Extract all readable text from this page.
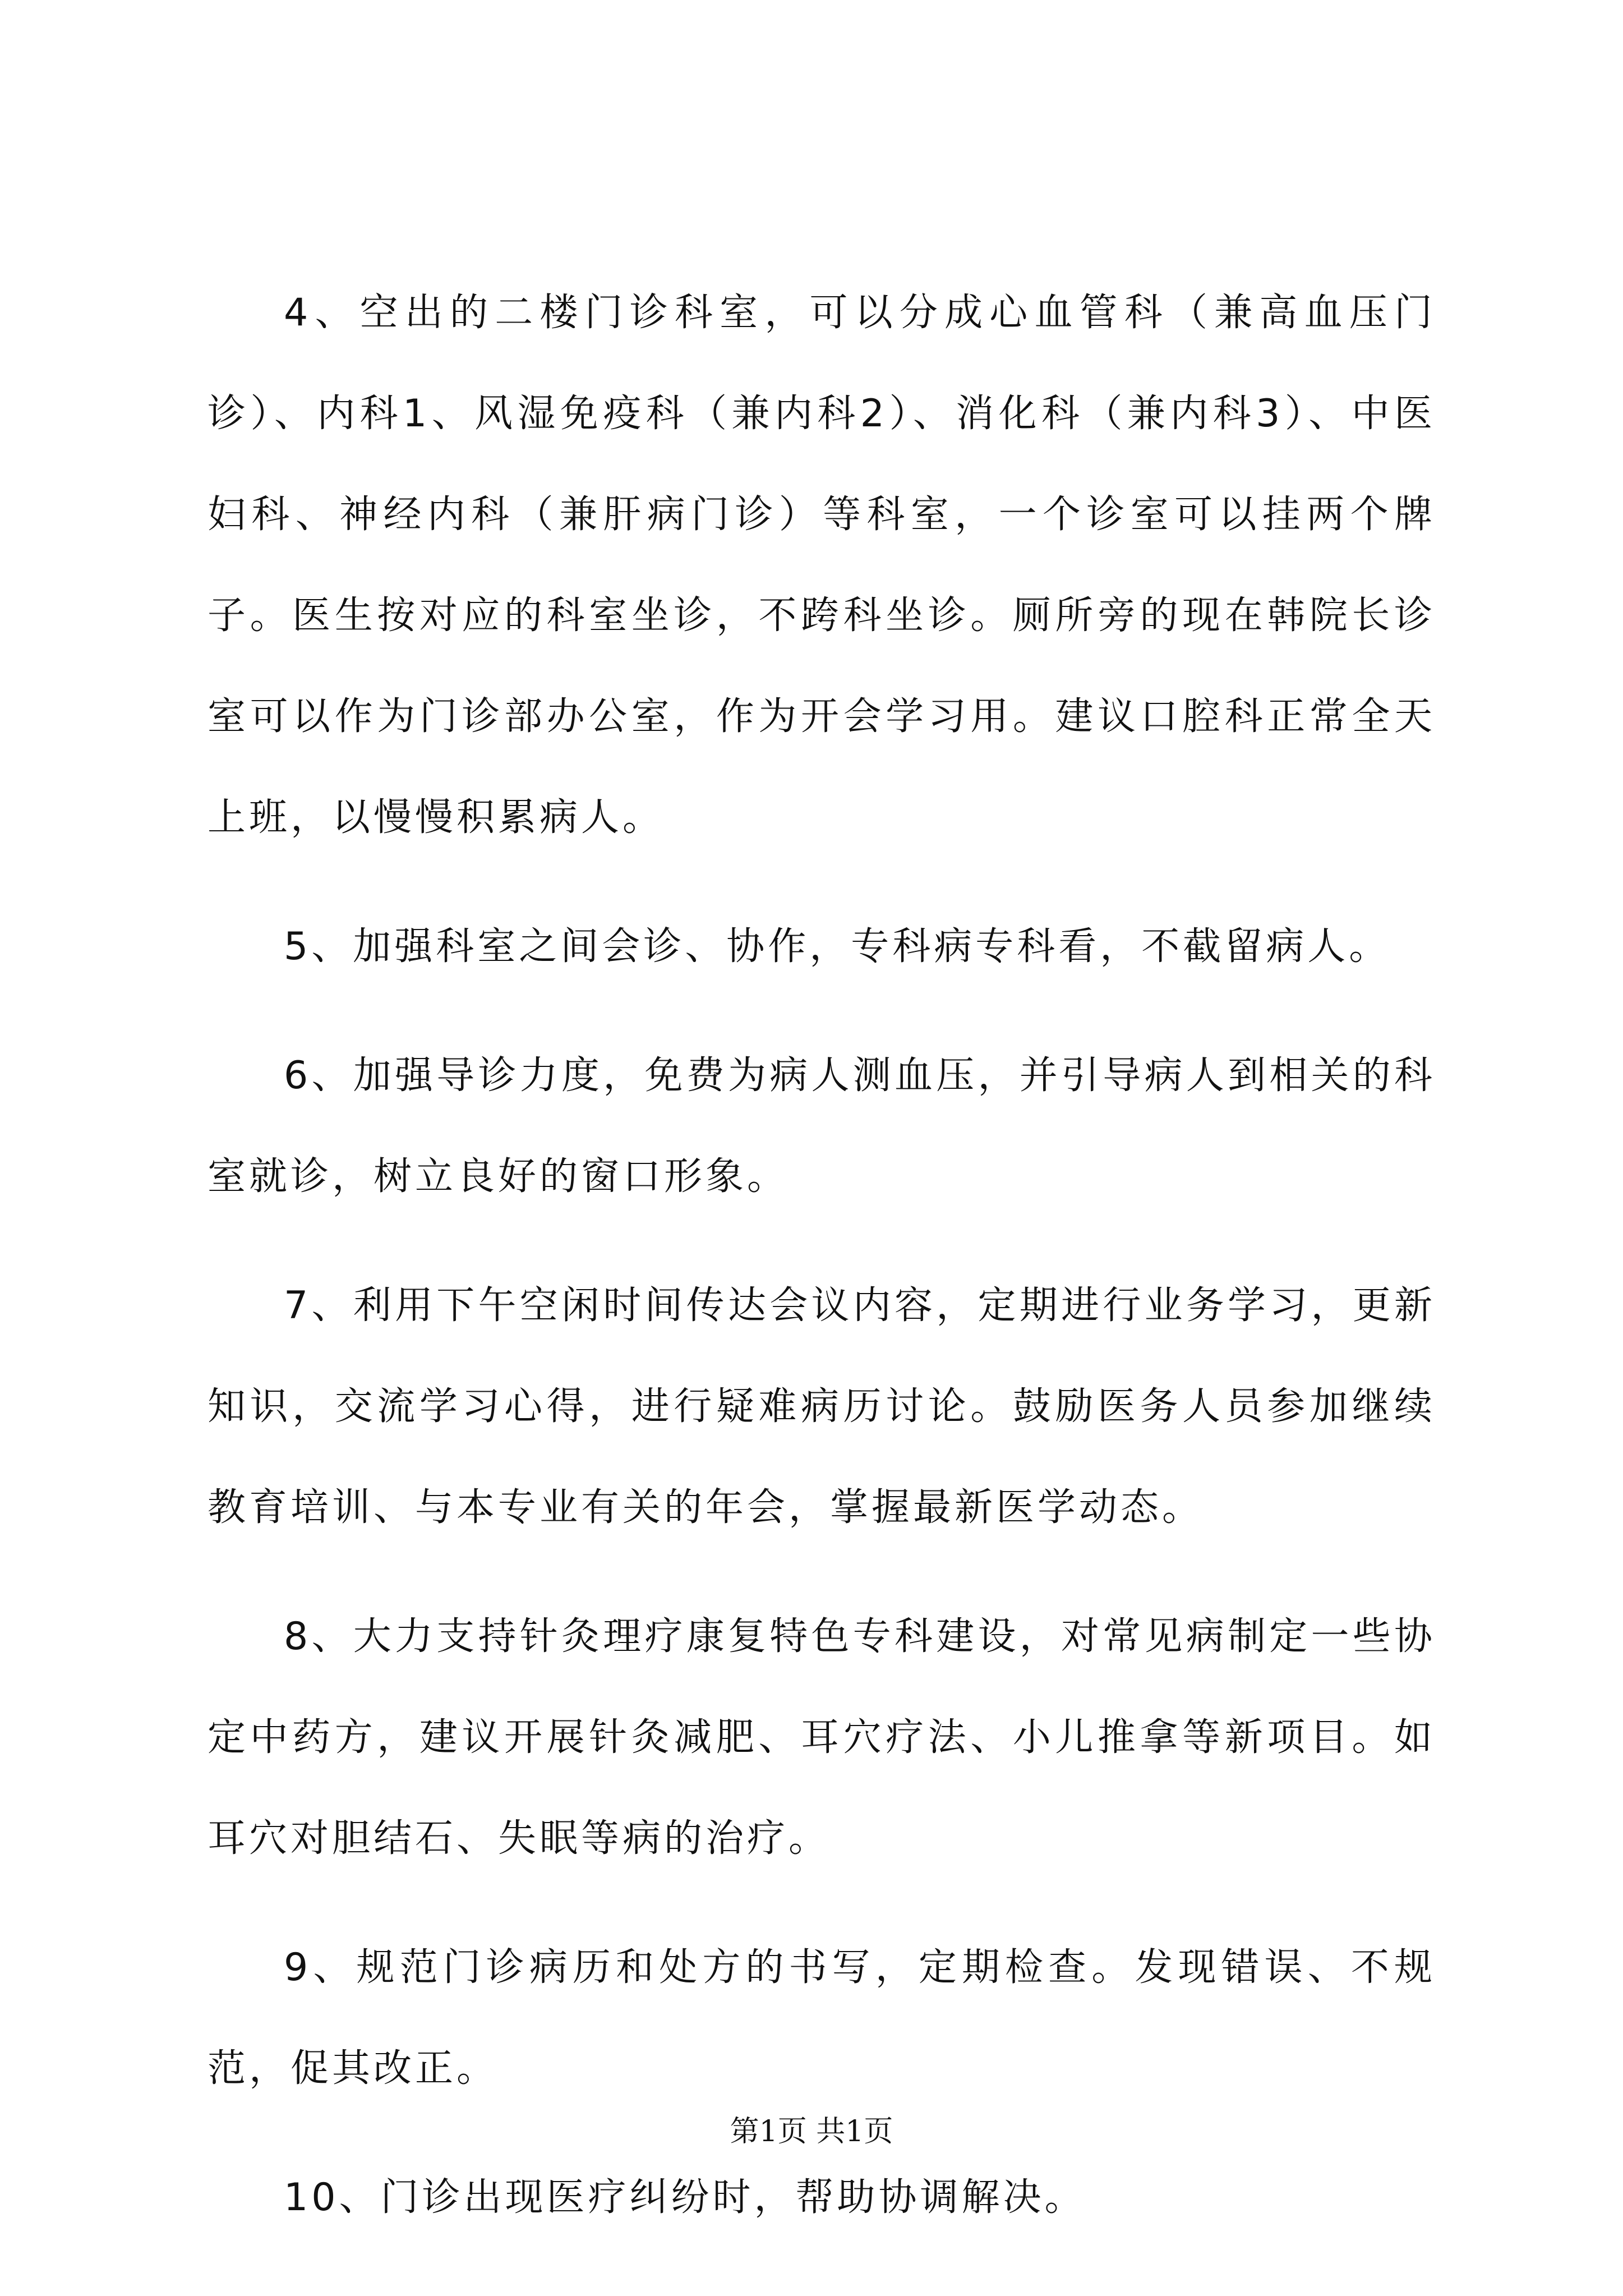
4、空出的二楼门诊科室，可以分成心血管科（兼高血压门诊）、内科1、风湿免疫科（兼内科2）、消化科（兼内科3）、中医妇科、神经内科（兼肝病门诊）等科室，一个诊室可以挂两个牌子。医生按对应的科室坐诊，不跨科坐诊。厕所旁的现在韩院长诊室可以作为门诊部办公室，作为开会学习用。建议口腔科正常全天上班，以慢慢积累病人。

5、加强科室之间会诊、协作，专科病专科看，不截留病人。

6、加强导诊力度，免费为病人测血压，并引导病人到相关的科室就诊，树立良好的窗口形象。

7、利用下午空闲时间传达会议内容，定期进行业务学习，更新知识，交流学习心得，进行疑难病历讨论。鼓励医务人员参加继续教育培训、与本专业有关的年会，掌握最新医学动态。

8、大力支持针灸理疗康复特色专科建设，对常见病制定一些协定中药方，建议开展针灸减肥、耳穴疗法、小儿推拿等新项目。如耳穴对胆结石、失眠等病的治疗。

9、规范门诊病历和处方的书写，定期检查。发现错误、不规范，促其改正。

10、门诊出现医疗纠纷时，帮助协调解决。

第1页 共1页
